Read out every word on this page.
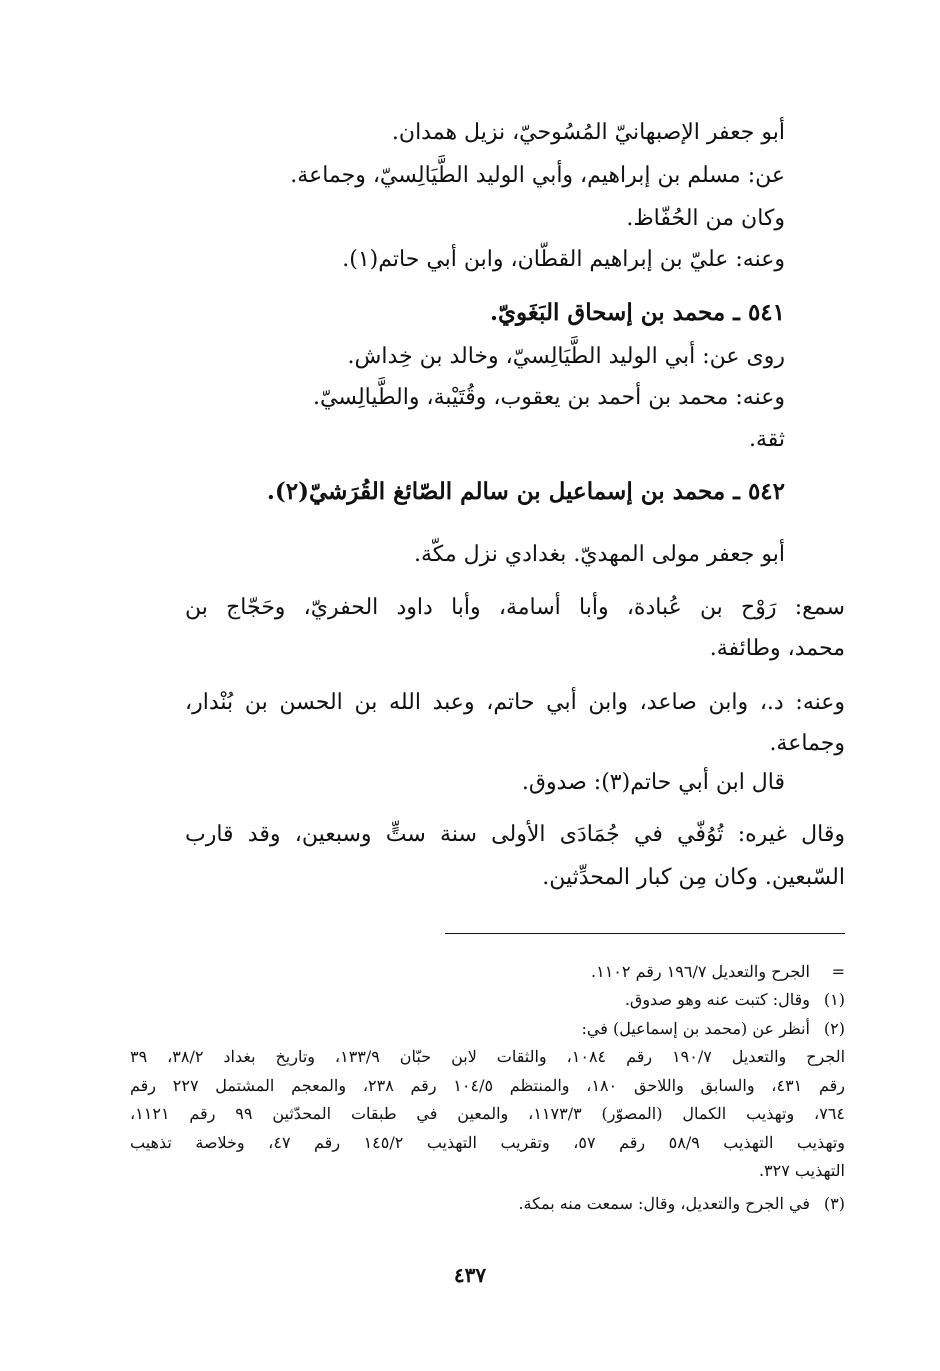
أبو جعفر الإصبهانيّ المُسُوحيّ، نزيل همدان.
عن: مسلم بن إبراهيم، وأبي الوليد الطَّيَالِسيّ، وجماعة.
وكان من الحُفّاظ.
وعنه: عليّ بن إبراهيم القطّان، وابن أبي حاتم(١).
٥٤١ ـ محمد بن إسحاق البَغَويّ.
روى عن: أبي الوليد الطَّيَالِسيّ، وخالد بن خِداش.
وعنه: محمد بن أحمد بن يعقوب، وقُتَيْبة، والطَّيالِسيّ.
ثقة.
٥٤٢ ـ محمد بن إسماعيل بن سالم الصّائغ القُرَشيّ(٢).
أبو جعفر مولى المهديّ. بغدادي نزل مكّة.
سمع: رَوْح بن عُبادة، وأبا أسامة، وأبا داود الحفريّ، وحَجّاج بن
محمد، وطائفة.
وعنه: د.، وابن صاعد، وابن أبي حاتم، وعبد الله بن الحسن بن بُنْدار،
وجماعة.
قال ابن أبي حاتم(٣): صدوق.
وقال غيره: تُوُفّي في جُمَادَى الأولى سنة ستٍّ وسبعين، وقد قارب
السّبعين. وكان مِن كبار المحدِّثين.
=
الجرح والتعديل ١٩٦/٧ رقم ١١٠٢.
(١)
وقال: كتبت عنه وهو صدوق.
(٢)
أنظر عن (محمد بن إسماعيل) في:
الجرح والتعديل ١٩٠/٧ رقم ١٠٨٤، والثقات لابن حبّان ١٣٣/٩، وتاريخ بغداد ٣٨/٢، ٣٩
رقم ٤٣١، والسابق واللاحق ١٨٠، والمنتظم ١٠٤/٥ رقم ٢٣٨، والمعجم المشتمل ٢٢٧ رقم
٧٦٤، وتهذيب الكمال (المصوّر) ١١٧٣/٣، والمعين في طبقات المحدّثين ٩٩ رقم ١١٢١،
وتهذيب التهذيب ٥٨/٩ رقم ٥٧، وتقريب التهذيب ١٤٥/٢ رقم ٤٧، وخلاصة تذهيب
التهذيب ٣٢٧.
(٣)
في الجرح والتعديل، وقال: سمعت منه بمكة.
٤٣٧
